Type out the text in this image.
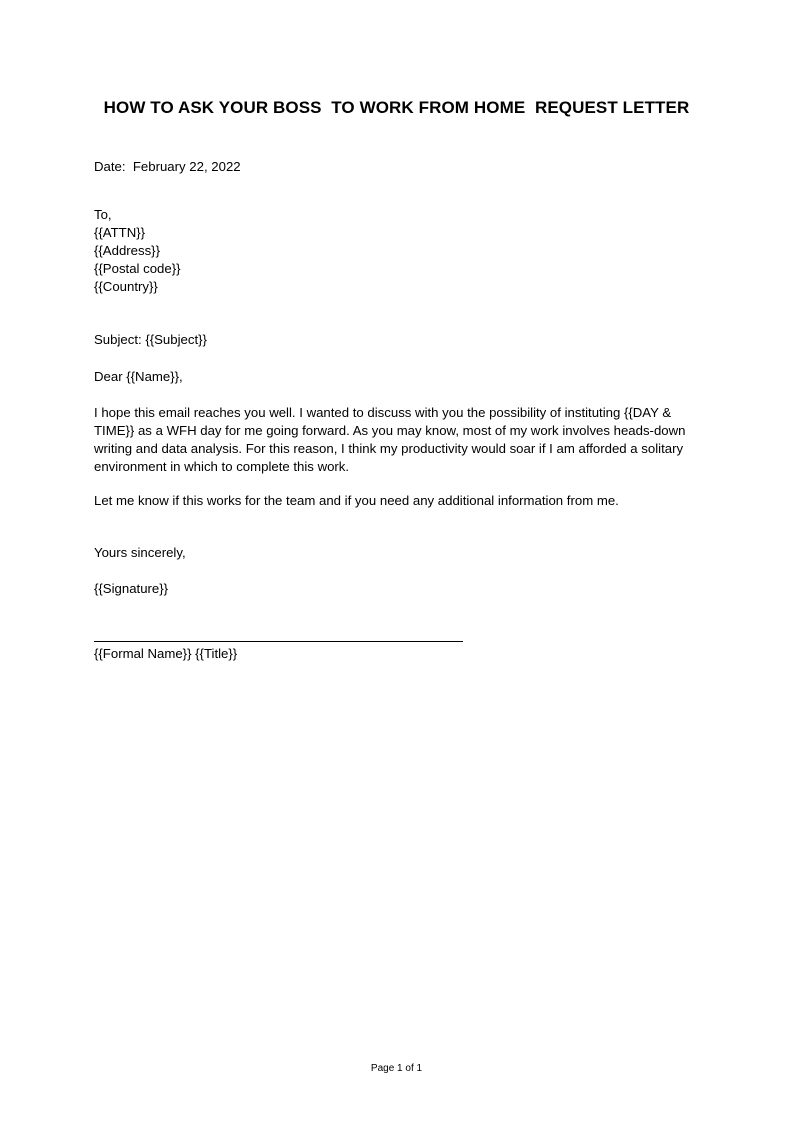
HOW TO ASK YOUR BOSS  TO WORK FROM HOME  REQUEST LETTER
Date:  February 22, 2022
To,
{{ATTN}}
{{Address}}
{{Postal code}}
{{Country}}
Subject: {{Subject}}
Dear {{Name}},
I hope this email reaches you well. I wanted to discuss with you the possibility of instituting {{DAY & TIME}} as a WFH day for me going forward. As you may know, most of my work involves heads-down writing and data analysis. For this reason, I think my productivity would soar if I am afforded a solitary environment in which to complete this work.
Let me know if this works for the team and if you need any additional information from me.
Yours sincerely,
{{Signature}}
{{Formal Name}} {{Title}}
Page 1 of 1
